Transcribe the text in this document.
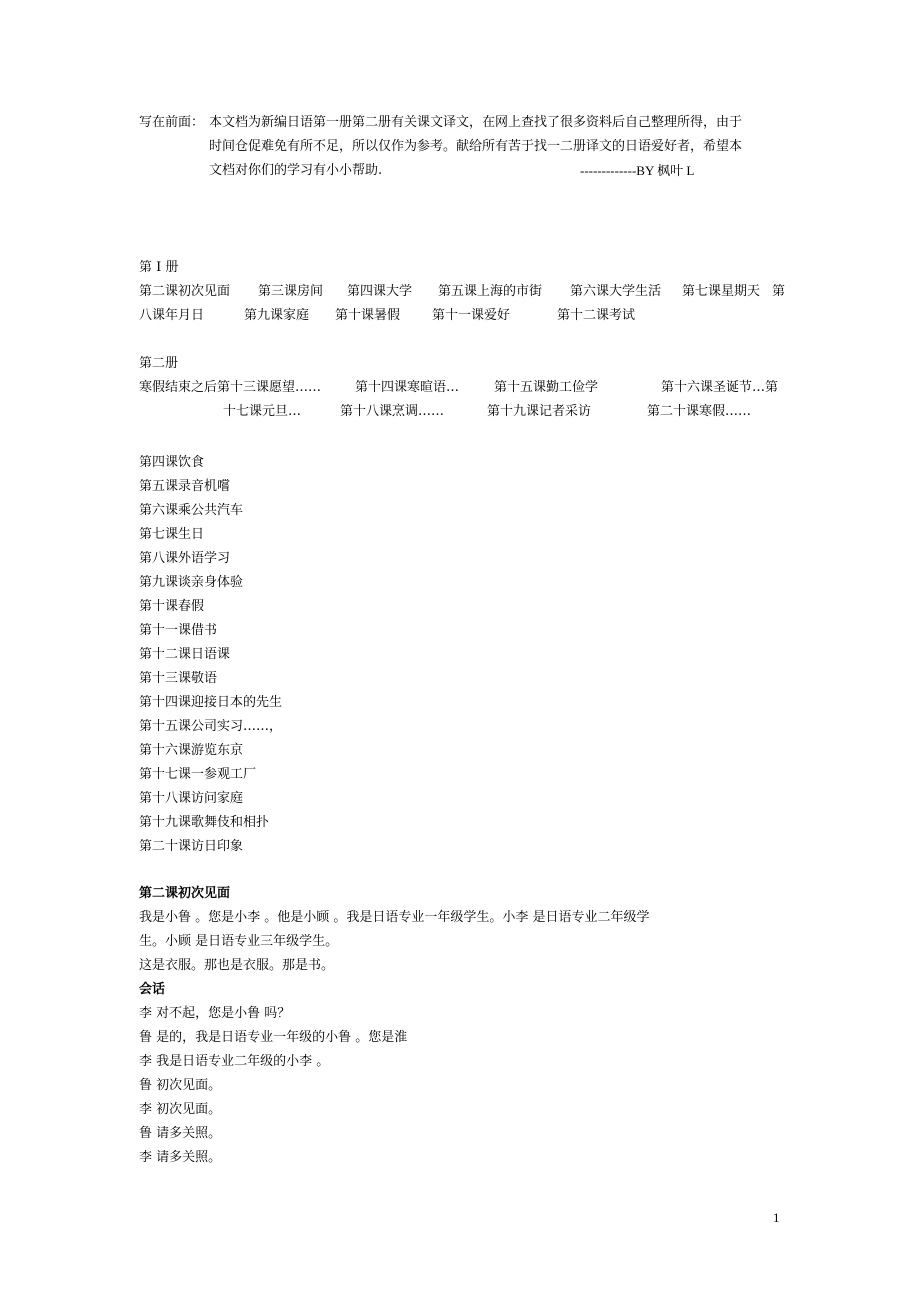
写在前面： 本文档为新编日语第一册第二册有关课文译文，在网上查找了很多资料后自己整理所得，由于
时间仓促难免有所不足，所以仅作为参考。献给所有苦于找一二册译文的日语爱好者，希望本
文档对你们的学习有小小帮助.	-------------BY 枫叶 L
第 I 册
第二课初次见面 第三课房间 第四课大学 第五课上海的市街 第六课大学生活 第七课星期天 第
八课年月日	第九课家庭 第十课暑假 第十一课爱好	第十二课考试
第二册
寒假结束之后第十三课愿望……	第十四课寒暄语…	第十五课勤工俭学	第十六课圣诞节…第
十七课元旦…	第十八课烹调……	第十九课记者采访	第二十课寒假……
第四课饮食
第五课录音机嚐
第六课乘公共汽车
第七课生日
第八课外语学习
第九课谈亲身体验
第十课春假
第十一课借书
第十二课日语课
第十三课敬语
第十四课迎接日本的先生
第十五课公司实习……，
第十六课游览东京
第十七课一参观工厂
第十八课访问家庭
第十九课歌舞伎和相扑
第二十课访日印象
第二课初次见面
我是小鲁 。您是小李 。他是小顾 。我是日语专业一年级学生。小李 是日语专业二年级学
生。小顾 是日语专业三年级学生。
这是衣服。那也是衣服。那是书。
会话
李 对不起，您是小鲁 吗？
鲁 是的，我是日语专业一年级的小鲁 。您是淮
李 我是日语专业二年级的小李 。
鲁 初次见面。
李 初次见面。
鲁 请多关照。
李 请多关照。
1
